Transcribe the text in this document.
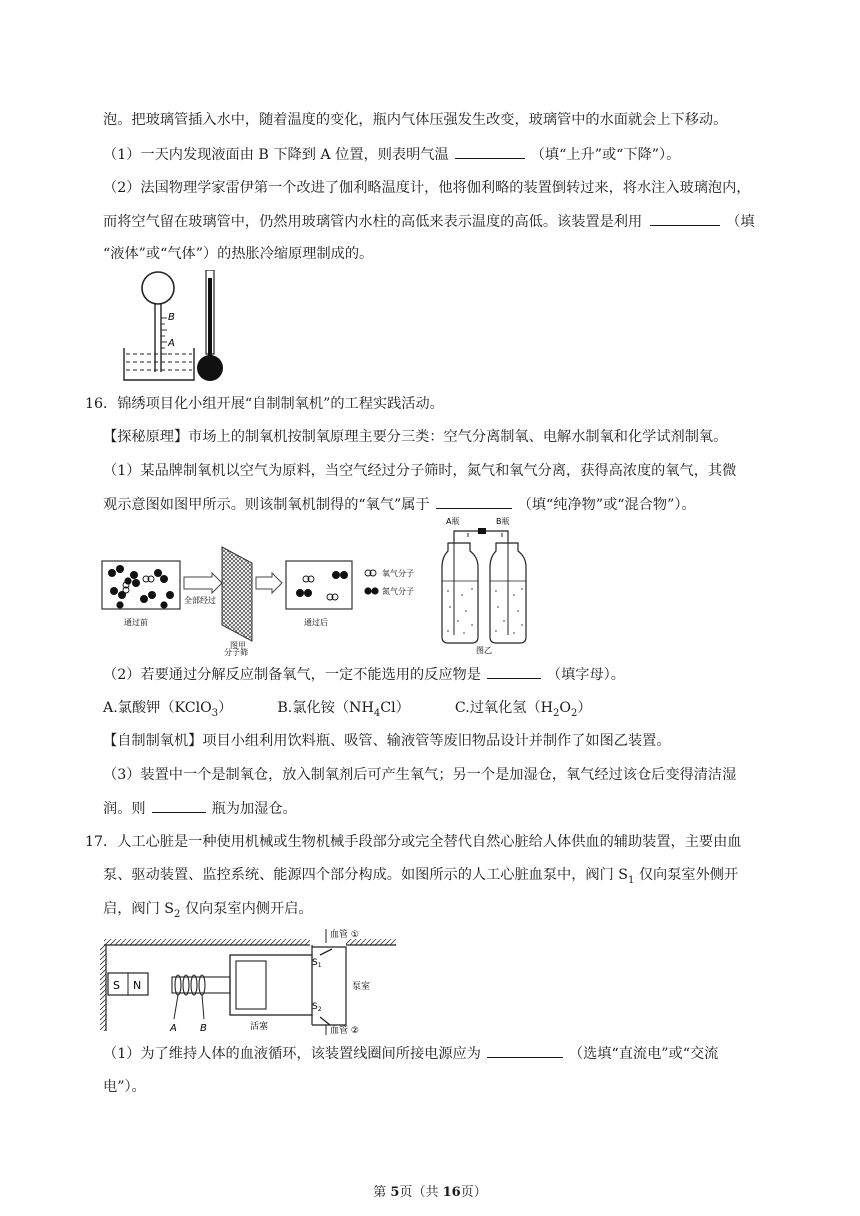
泡。把玻璃管插入水中，随着温度的变化，瓶内气体压强发生改变，玻璃管中的水面就会上下移动。
（1）一天内发现液面由 B 下降到 A 位置，则表明气温	（填“上升”或“下降”）。
（2）法国物理学家雷伊第一个改进了伽利略温度计，他将伽利略的装置倒转过来，将水注入玻璃泡内，
而将空气留在玻璃管中，仍然用玻璃管内水柱的高低来表示温度的高低。该装置是利用	（填
“液体”或“气体”）的热胀冷缩原理制成的。
B
A
16．锦绣项目化小组开展“自制制氧机”的工程实践活动。
【探秘原理】市场上的制氧机按制氧原理主要分三类：空气分离制氧、电解水制氧和化学试剂制氧。
（1）某品牌制氧机以空气为原料，当空气经过分子筛时，氮气和氧气分离，获得高浓度的氧气，其微
观示意图如图甲所示。则该制氧机制得的“氧气”属于	（填“纯净物”或“混合物”）。
通过前
全部经过
分子筛
通过后
氧气分子
氮气分子
图甲
A瓶	B瓶
图乙
（2）若要通过分解反应制备氧气，一定不能选用的反应物是	（填字母）。
A.氯酸钾（KClO$_3$）	B.氯化铵$(NH_4Cl)$	C.过氧化氢$(H_2O_2)$
【自制制氧机】项目小组利用饮料瓶、吸管、输液管等废旧物品设计并制作了如图乙装置。
（3）装置中一个是制氧仓，放入制氧剂后可产生氧气；另一个是加湿仓，氧气经过该仓后变得清洁湿
润。则	瓶为加湿仓。
17．人工心脏是一种使用机械或生物机械手段部分或完全替代自然心脏给人体供血的辅助装置，主要由血
泵、驱动装置、监控系统、能源四个部分构成。如图所示的人工心脏血泵中，阀门 $S_1$ 仅向泵室外侧开
启，阀门 $S_2$ 仅向泵室内侧开启。
S N
A B	活塞
$S_1$
$S_2$
血管 ①
血管 ②
泵室
（1）为了维持人体的血液循环，该装置线圈间所接电源应为	（选填“直流电”或“交流
电”）。
第 5页（共 16页）
